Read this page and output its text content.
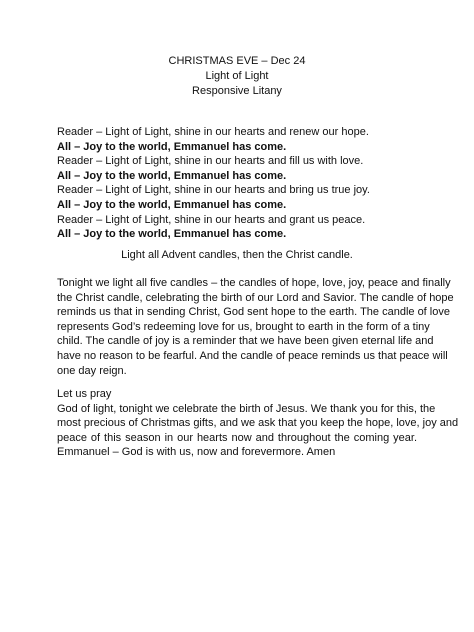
CHRISTMAS EVE – Dec 24
Light of Light
Responsive Litany
Reader – Light of Light, shine in our hearts and renew our hope.
All – Joy to the world, Emmanuel has come.
Reader – Light of Light, shine in our hearts and fill us with love.
All – Joy to the world, Emmanuel has come.
Reader – Light of Light, shine in our hearts and bring us true joy.
All – Joy to the world, Emmanuel has come.
Reader – Light of Light, shine in our hearts and grant us peace.
All – Joy to the world, Emmanuel has come.
Light all Advent candles, then the Christ candle.
Tonight we light all five candles – the candles of hope, love, joy, peace and finally
the Christ candle, celebrating the birth of our Lord and Savior. The candle of hope
reminds us that in sending Christ, God sent hope to the earth. The candle of love
represents God’s redeeming love for us, brought to earth in the form of a tiny
child. The candle of joy is a reminder that we have been given eternal life and
have no reason to be fearful. And the candle of peace reminds us that peace will
one day reign.
Let us pray
God of light, tonight we celebrate the birth of Jesus. We thank you for this, the
most precious of Christmas gifts, and we ask that you keep the hope, love, joy and
peace of this season in our hearts now and throughout the coming year.
Emmanuel – God is with us, now and forevermore. Amen
